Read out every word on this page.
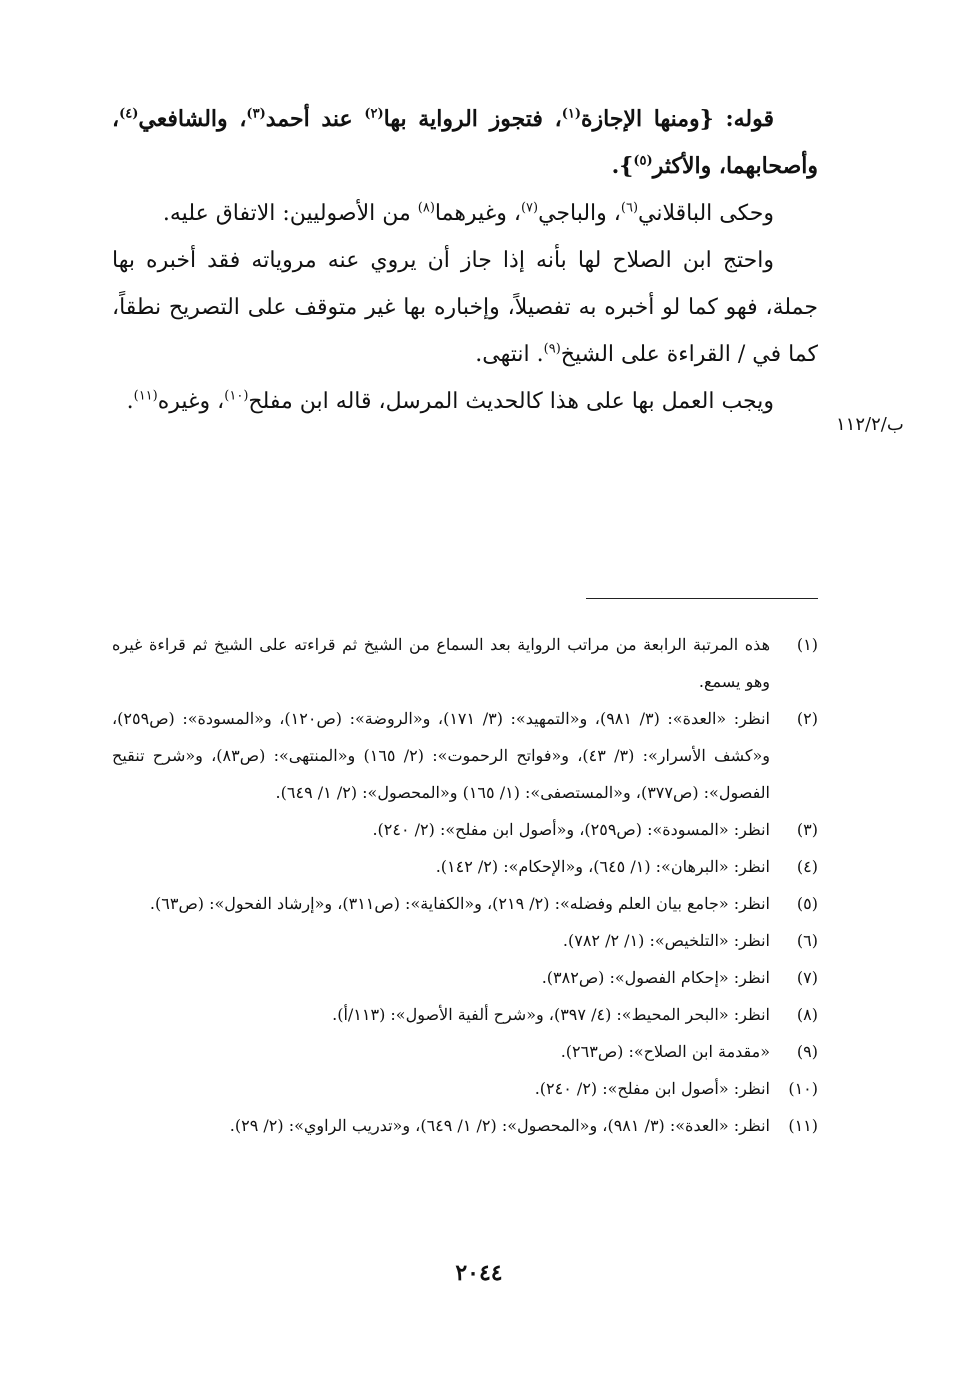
قوله: {ومنها الإجازة$^{(١)}$، فتجوز الرواية بها$^{(٢)}$ عند أحمد$^{(٣)}$، والشافعي$^{(٤)}$، وأصحابهما، والأكثر$^{(٥)}$}.

وحكى الباقلاني$^{(٦)}$، والباجي$^{(٧)}$، وغيرهما$^{(٨)}$ من الأصوليين: الاتفاق عليه.

واحتج ابن الصلاح لها بأنه إذا جاز أن يروي عنه مروياته فقد أخبره بها جملة، فهو كما لو أخبره به تفصيلاً، وإخباره بها غير متوقف على التصريح نطقاً، كما في / القراءة على الشيخ$^{(٩)}$. انتهى.

ويجب العمل بها على هذا كالحديث المرسل، قاله ابن مفلح$^{(١٠)}$، وغيره$^{(١١)}$.

ب/١١٢/٢
(١)
هذه المرتبة الرابعة من مراتب الرواية بعد السماع من الشيخ ثم قراءته على الشيخ ثم قراءة غيره وهو يسمع.
(٢)
انظر: «العدة»: (٣/ ٩٨١)، و«التمهيد»: (٣/ ١٧١)، و«الروضة»: (ص١٢٠)، و«المسودة»: (ص٢٥٩)، و«كشف الأسرار»: (٣/ ٤٣)، و«فواتح الرحموت»: (٢/ ١٦٥) و«المنتهى»: (ص٨٣)، و«شرح تنقيح الفصول»: (ص٣٧٧)، و«المستصفى»: (١/ ١٦٥) و«المحصول»: (٢/ ١/ ٦٤٩).
(٣)
انظر: «المسودة»: (ص٢٥٩)، و«أصول ابن مفلح»: (٢/ ٢٤٠).
(٤)
انظر: «البرهان»: (١/ ٦٤٥)، و«الإحكام»: (٢/ ١٤٢).
(٥)
انظر: «جامع بيان العلم وفضله»: (٢/ ٢١٩)، و«الكفاية»: (ص٣١١)، و«إرشاد الفحول»: (ص٦٣).
(٦)
انظر: «التلخيص»: (١/ ٢/ ٧٨٢).
(٧)
انظر: «إحكام الفصول»: (ص٣٨٢).
(٨)
انظر: «البحر المحيط»: (٤/ ٣٩٧)، و«شرح ألفية الأصول»: (١١٣/أ).
(٩)
«مقدمة ابن الصلاح»: (ص٢٦٣).
(١٠)
انظر: «أصول ابن مفلح»: (٢/ ٢٤٠).
(١١)
انظر: «العدة»: (٣/ ٩٨١)، و«المحصول»: (٢/ ١/ ٦٤٩)، و«تدريب الراوي»: (٢/ ٢٩).
٢٠٤٤
